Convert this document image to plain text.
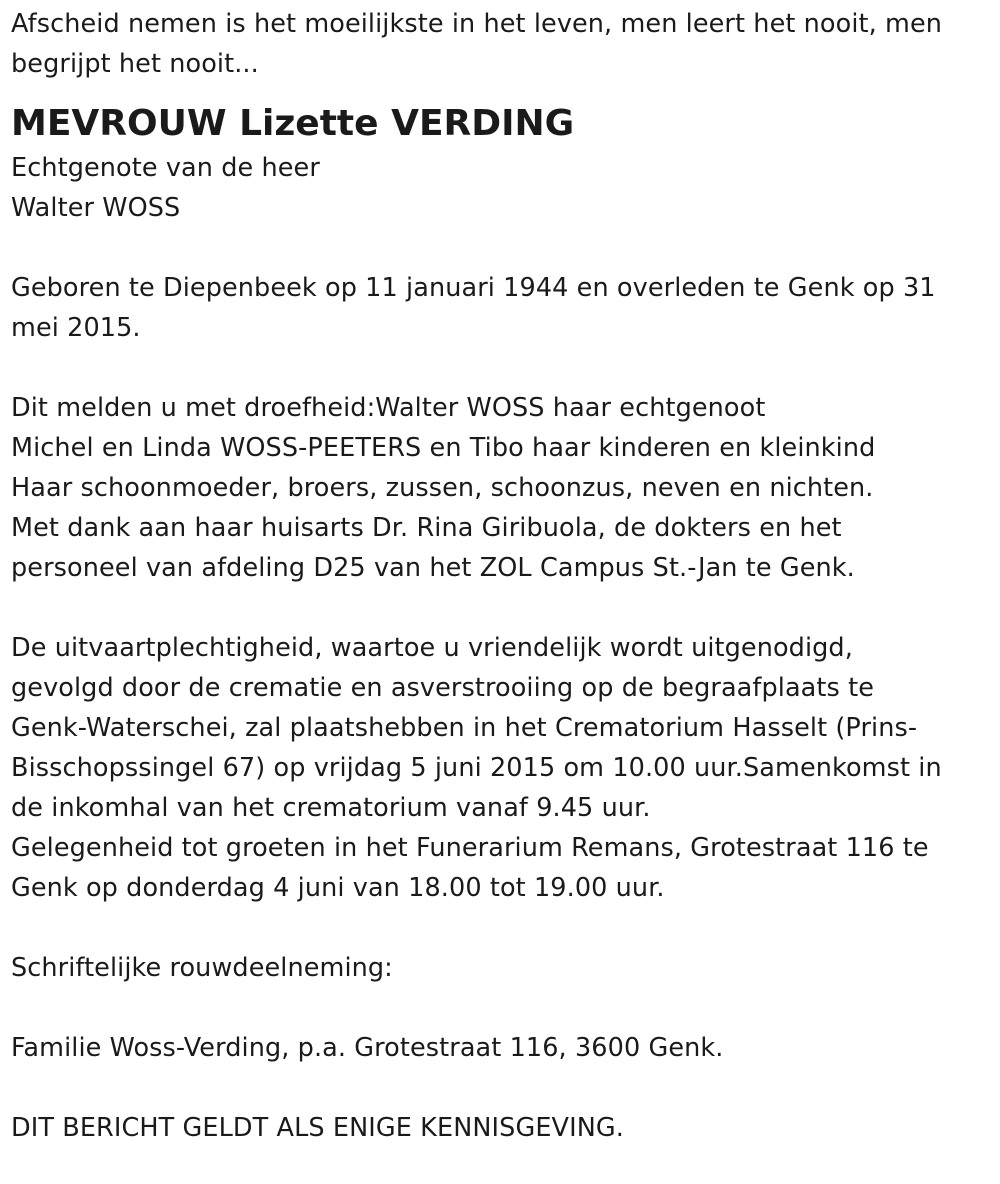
Afscheid nemen is het moeilijkste in het leven, men leert het nooit, men
begrijpt het nooit...
MEVROUW Lizette VERDING
Echtgenote van de heer
Walter WOSS
Geboren te Diepenbeek op 11 januari 1944 en overleden te Genk op 31
mei 2015.
Dit melden u met droefheid:Walter WOSS haar echtgenoot
Michel en Linda WOSS-PEETERS en Tibo haar kinderen en kleinkind
Haar schoonmoeder, broers, zussen, schoonzus, neven en nichten.
Met dank aan haar huisarts Dr. Rina Giribuola, de dokters en het
personeel van afdeling D25 van het ZOL Campus St.-Jan te Genk.
De uitvaartplechtigheid, waartoe u vriendelijk wordt uitgenodigd,
gevolgd door de crematie en asverstrooiing op de begraafplaats te
Genk-Waterschei, zal plaatshebben in het Crematorium Hasselt (Prins-
Bisschopssingel 67) op vrijdag 5 juni 2015 om 10.00 uur.Samenkomst in
de inkomhal van het crematorium vanaf 9.45 uur.
Gelegenheid tot groeten in het Funerarium Remans, Grotestraat 116 te
Genk op donderdag 4 juni van 18.00 tot 19.00 uur.
Schriftelijke rouwdeelneming:
Familie Woss-Verding, p.a. Grotestraat 116, 3600 Genk.
DIT BERICHT GELDT ALS ENIGE KENNISGEVING.
